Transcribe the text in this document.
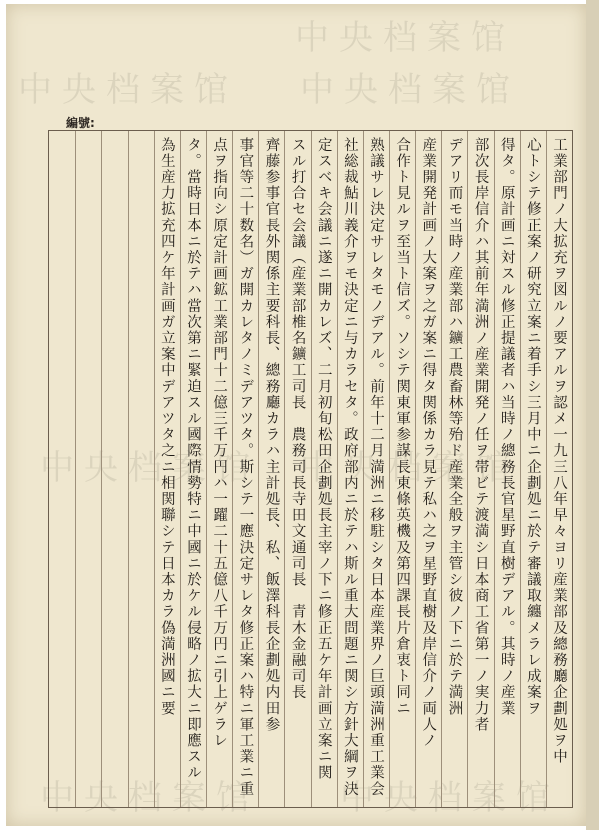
中央档案馆
中央档案馆
中央档案馆
中央档案馆 中央档案馆
中央档案馆
中央档案馆
編號:
工業部門ノ大拡充ヲ図ルノ要アルヲ認メ一九三八年早々ヨリ産業部及總務廳企劃処ヲ中
心トシテ修正案ノ研究立案ニ着手シ三月中ニ企劃処ニ於テ審議取纏メラレ成案ヲ
得タ。原計画ニ対スル修正提議者ハ当時ノ總務長官星野直樹デアル。其時ノ産業
部次長岸信介ハ其前年満洲ノ産業開発ノ任ヲ帯ビテ渡満シ日本商工省第一ノ実力者
デアリ而モ当時ノ産業部ハ鑛工農畜林等殆ド産業全般ヲ主管シ彼ノ下ニ於テ満洲
産業開発計画ノ大案ヲ之ガ案ニ得タ関係カラ見テ私ハ之ヲ星野直樹及岸信介ノ両人ノ
合作ト見ルヲ至当ト信ズ。ソシテ関東軍参謀長東條英機及第四課長片倉衷ト同ニ
熟議サレ決定サレタモノデアル。前年十二月満洲ニ移駐シタ日本産業界ノ巨頭満洲重工業会
社総裁鮎川義介ヲモ決定ニ与カラセタ。政府部内ニ於テハ斯ル重大問題ニ関シ方針大綱ヲ決
定スベキ会議ニ遂ニ開カレズ、二月初旬松田企劃処長主宰ノ下ニ修正五ケ年計画立案ニ関
スル打合セ会議（産業部椎名鑛工司長　農務司長寺田文通司長　青木金融司長
齊藤参事官長外関係主要科長、總務廳カラハ主計処長、私、飯澤科長企劃処内田参
事官等二十数名）ガ開カレタノミデアツタ。斯シテ一應決定サレタ修正案ハ特ニ軍工業ニ重
点ヲ指向シ原定計画鉱工業部門十二億三千万円ハ一躍二十五億八千万円ニ引上ゲラレ
タ。當時日本ニ於テハ當次第ニ緊迫スル國際情勢特ニ中國ニ於ケル侵略ノ拡大ニ即應スル
為生産力拡充四ケ年計画ガ立案中デアツタ之ニ相関聯シテ日本カラ偽満洲國ニ要
